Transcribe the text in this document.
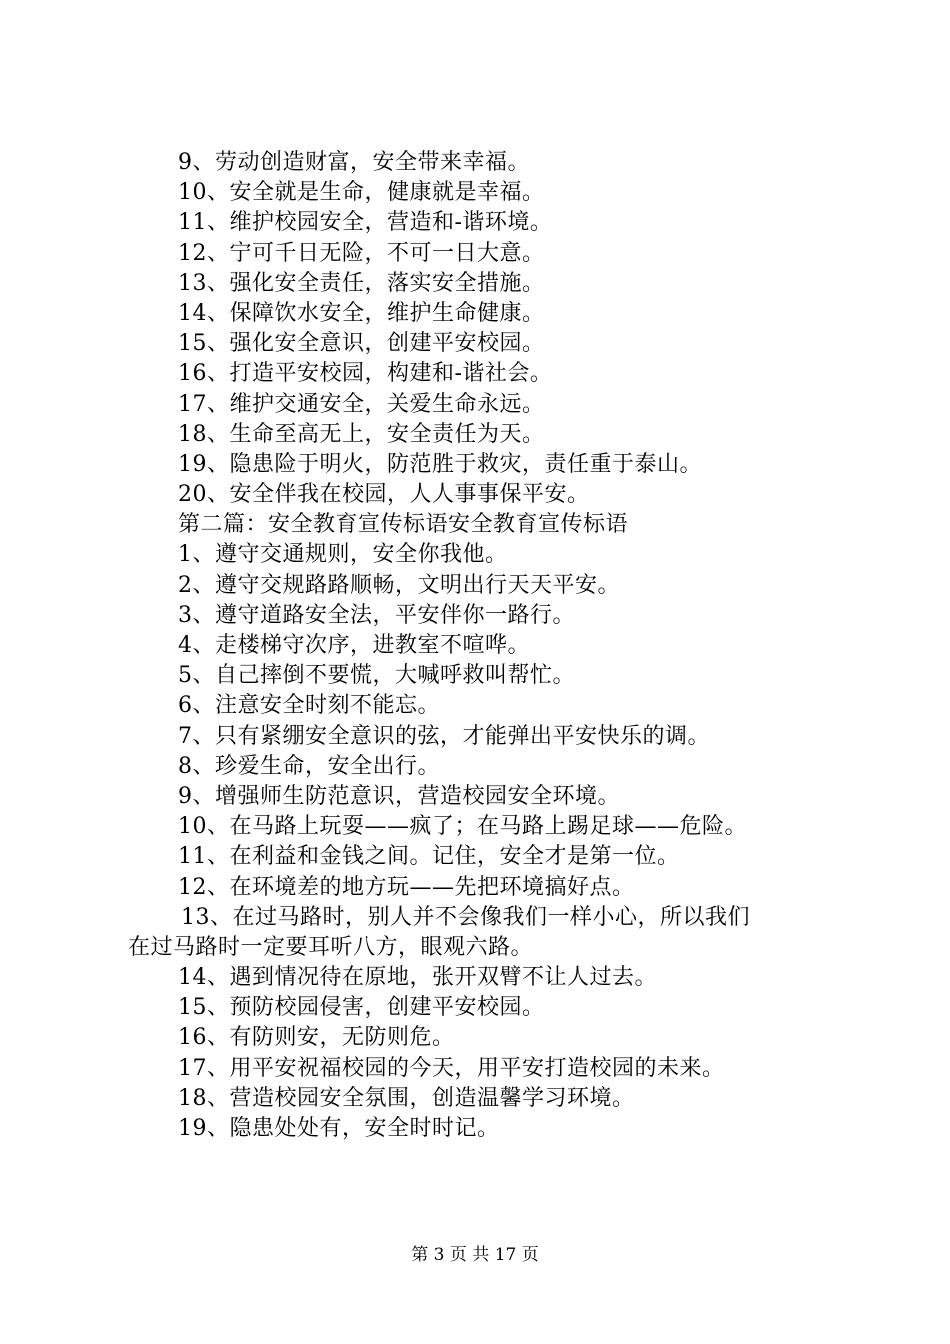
9、劳动创造财富，安全带来幸福。
10、安全就是生命，健康就是幸福。
11、维护校园安全，营造和-谐环境。
12、宁可千日无险，不可一日大意。
13、强化安全责任，落实安全措施。
14、保障饮水安全，维护生命健康。
15、强化安全意识，创建平安校园。
16、打造平安校园，构建和-谐社会。
17、维护交通安全，关爱生命永远。
18、生命至高无上，安全责任为天。
19、隐患险于明火，防范胜于救灾，责任重于泰山。
20、安全伴我在校园，人人事事保平安。
第二篇：安全教育宣传标语安全教育宣传标语
1、遵守交通规则，安全你我他。
2、遵守交规路路顺畅，文明出行天天平安。
3、遵守道路安全法，平安伴你一路行。
4、走楼梯守次序，进教室不喧哗。
5、自己摔倒不要慌，大喊呼救叫帮忙。
6、注意安全时刻不能忘。
7、只有紧绷安全意识的弦，才能弹出平安快乐的调。
8、珍爱生命，安全出行。
9、增强师生防范意识，营造校园安全环境。
10、在马路上玩耍——疯了；在马路上踢足球——危险。
11、在利益和金钱之间。记住，安全才是第一位。
12、在环境差的地方玩——先把环境搞好点。
13、在过马路时，别人并不会像我们一样小心，所以我们
在过马路时一定要耳听八方，眼观六路。
14、遇到情况待在原地，张开双臂不让人过去。
15、预防校园侵害，创建平安校园。
16、有防则安，无防则危。
17、用平安祝福校园的今天，用平安打造校园的未来。
18、营造校园安全氛围，创造温馨学习环境。
19、隐患处处有，安全时时记。
第 3 页 共 17 页
